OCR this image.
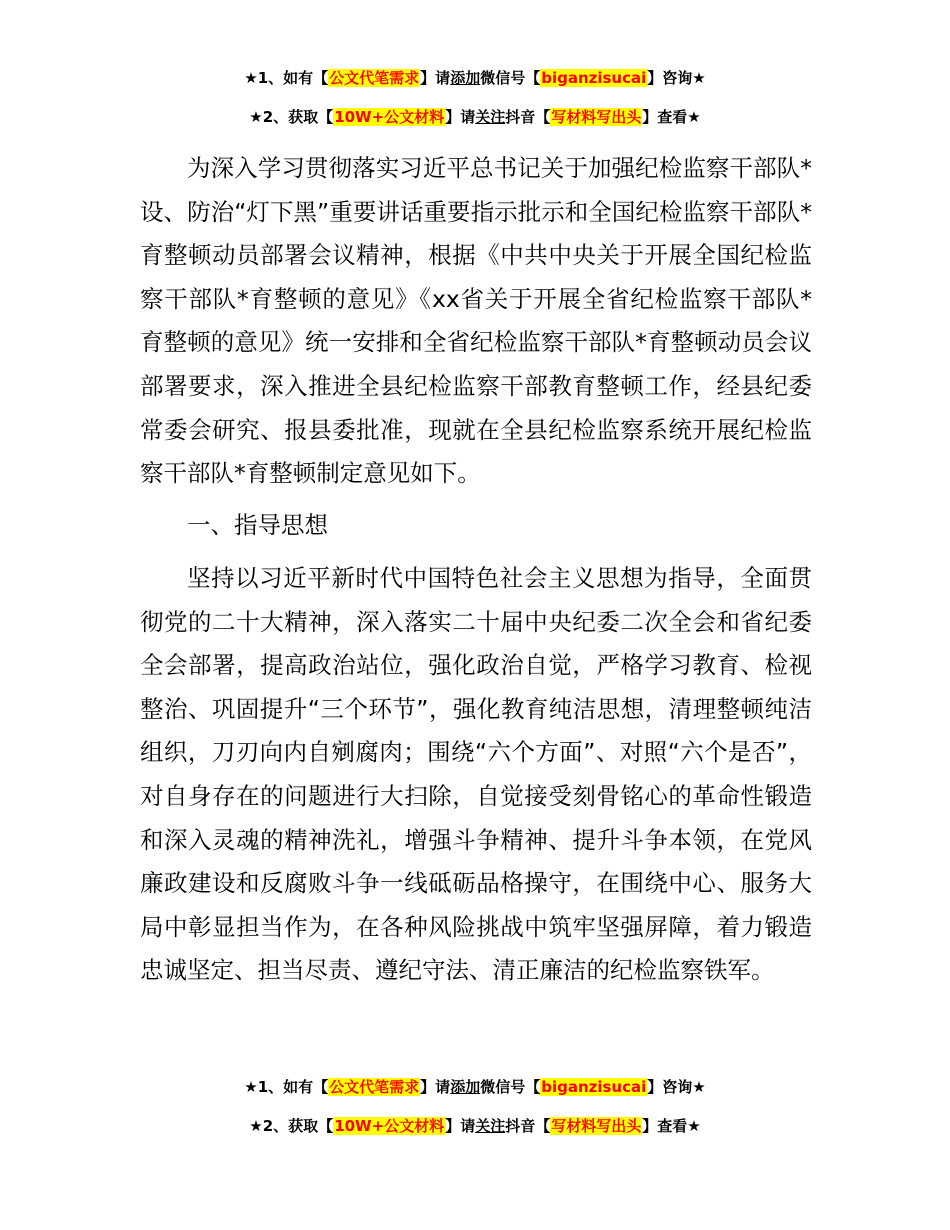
★1、如有【公文代笔需求】请添加微信号【biganzisucai】咨询★
★2、获取【10W+公文材料】请关注抖音【写材料写出头】查看★

为深入学习贯彻落实习近平总书记关于加强纪检监察干部队*设、防治“灯下黑”重要讲话重要指示批示和全国纪检监察干部队*育整顿动员部署会议精神，根据《中共中央关于开展全国纪检监察干部队*育整顿的意见》《xx省关于开展全省纪检监察干部队*育整顿的意见》统一安排和全省纪检监察干部队*育整顿动员会议部署要求，深入推进全县纪检监察干部教育整顿工作，经县纪委常委会研究、报县委批准，现就在全县纪检监察系统开展纪检监察干部队*育整顿制定意见如下。

一、指导思想

坚持以习近平新时代中国特色社会主义思想为指导，全面贯彻党的二十大精神，深入落实二十届中央纪委二次全会和省纪委全会部署，提高政治站位，强化政治自觉，严格学习教育、检视整治、巩固提升“三个环节”，强化教育纯洁思想，清理整顿纯洁组织，刀刃向内自剜腐肉；围绕“六个方面”、对照“六个是否”，对自身存在的问题进行大扫除，自觉接受刻骨铭心的革命性锻造和深入灵魂的精神洗礼，增强斗争精神、提升斗争本领，在党风廉政建设和反腐败斗争一线砥砺品格操守，在围绕中心、服务大局中彰显担当作为，在各种风险挑战中筑牢坚强屏障，着力锻造忠诚坚定、担当尽责、遵纪守法、清正廉洁的纪检监察铁军。

★1、如有【公文代笔需求】请添加微信号【biganzisucai】咨询★
★2、获取【10W+公文材料】请关注抖音【写材料写出头】查看★
